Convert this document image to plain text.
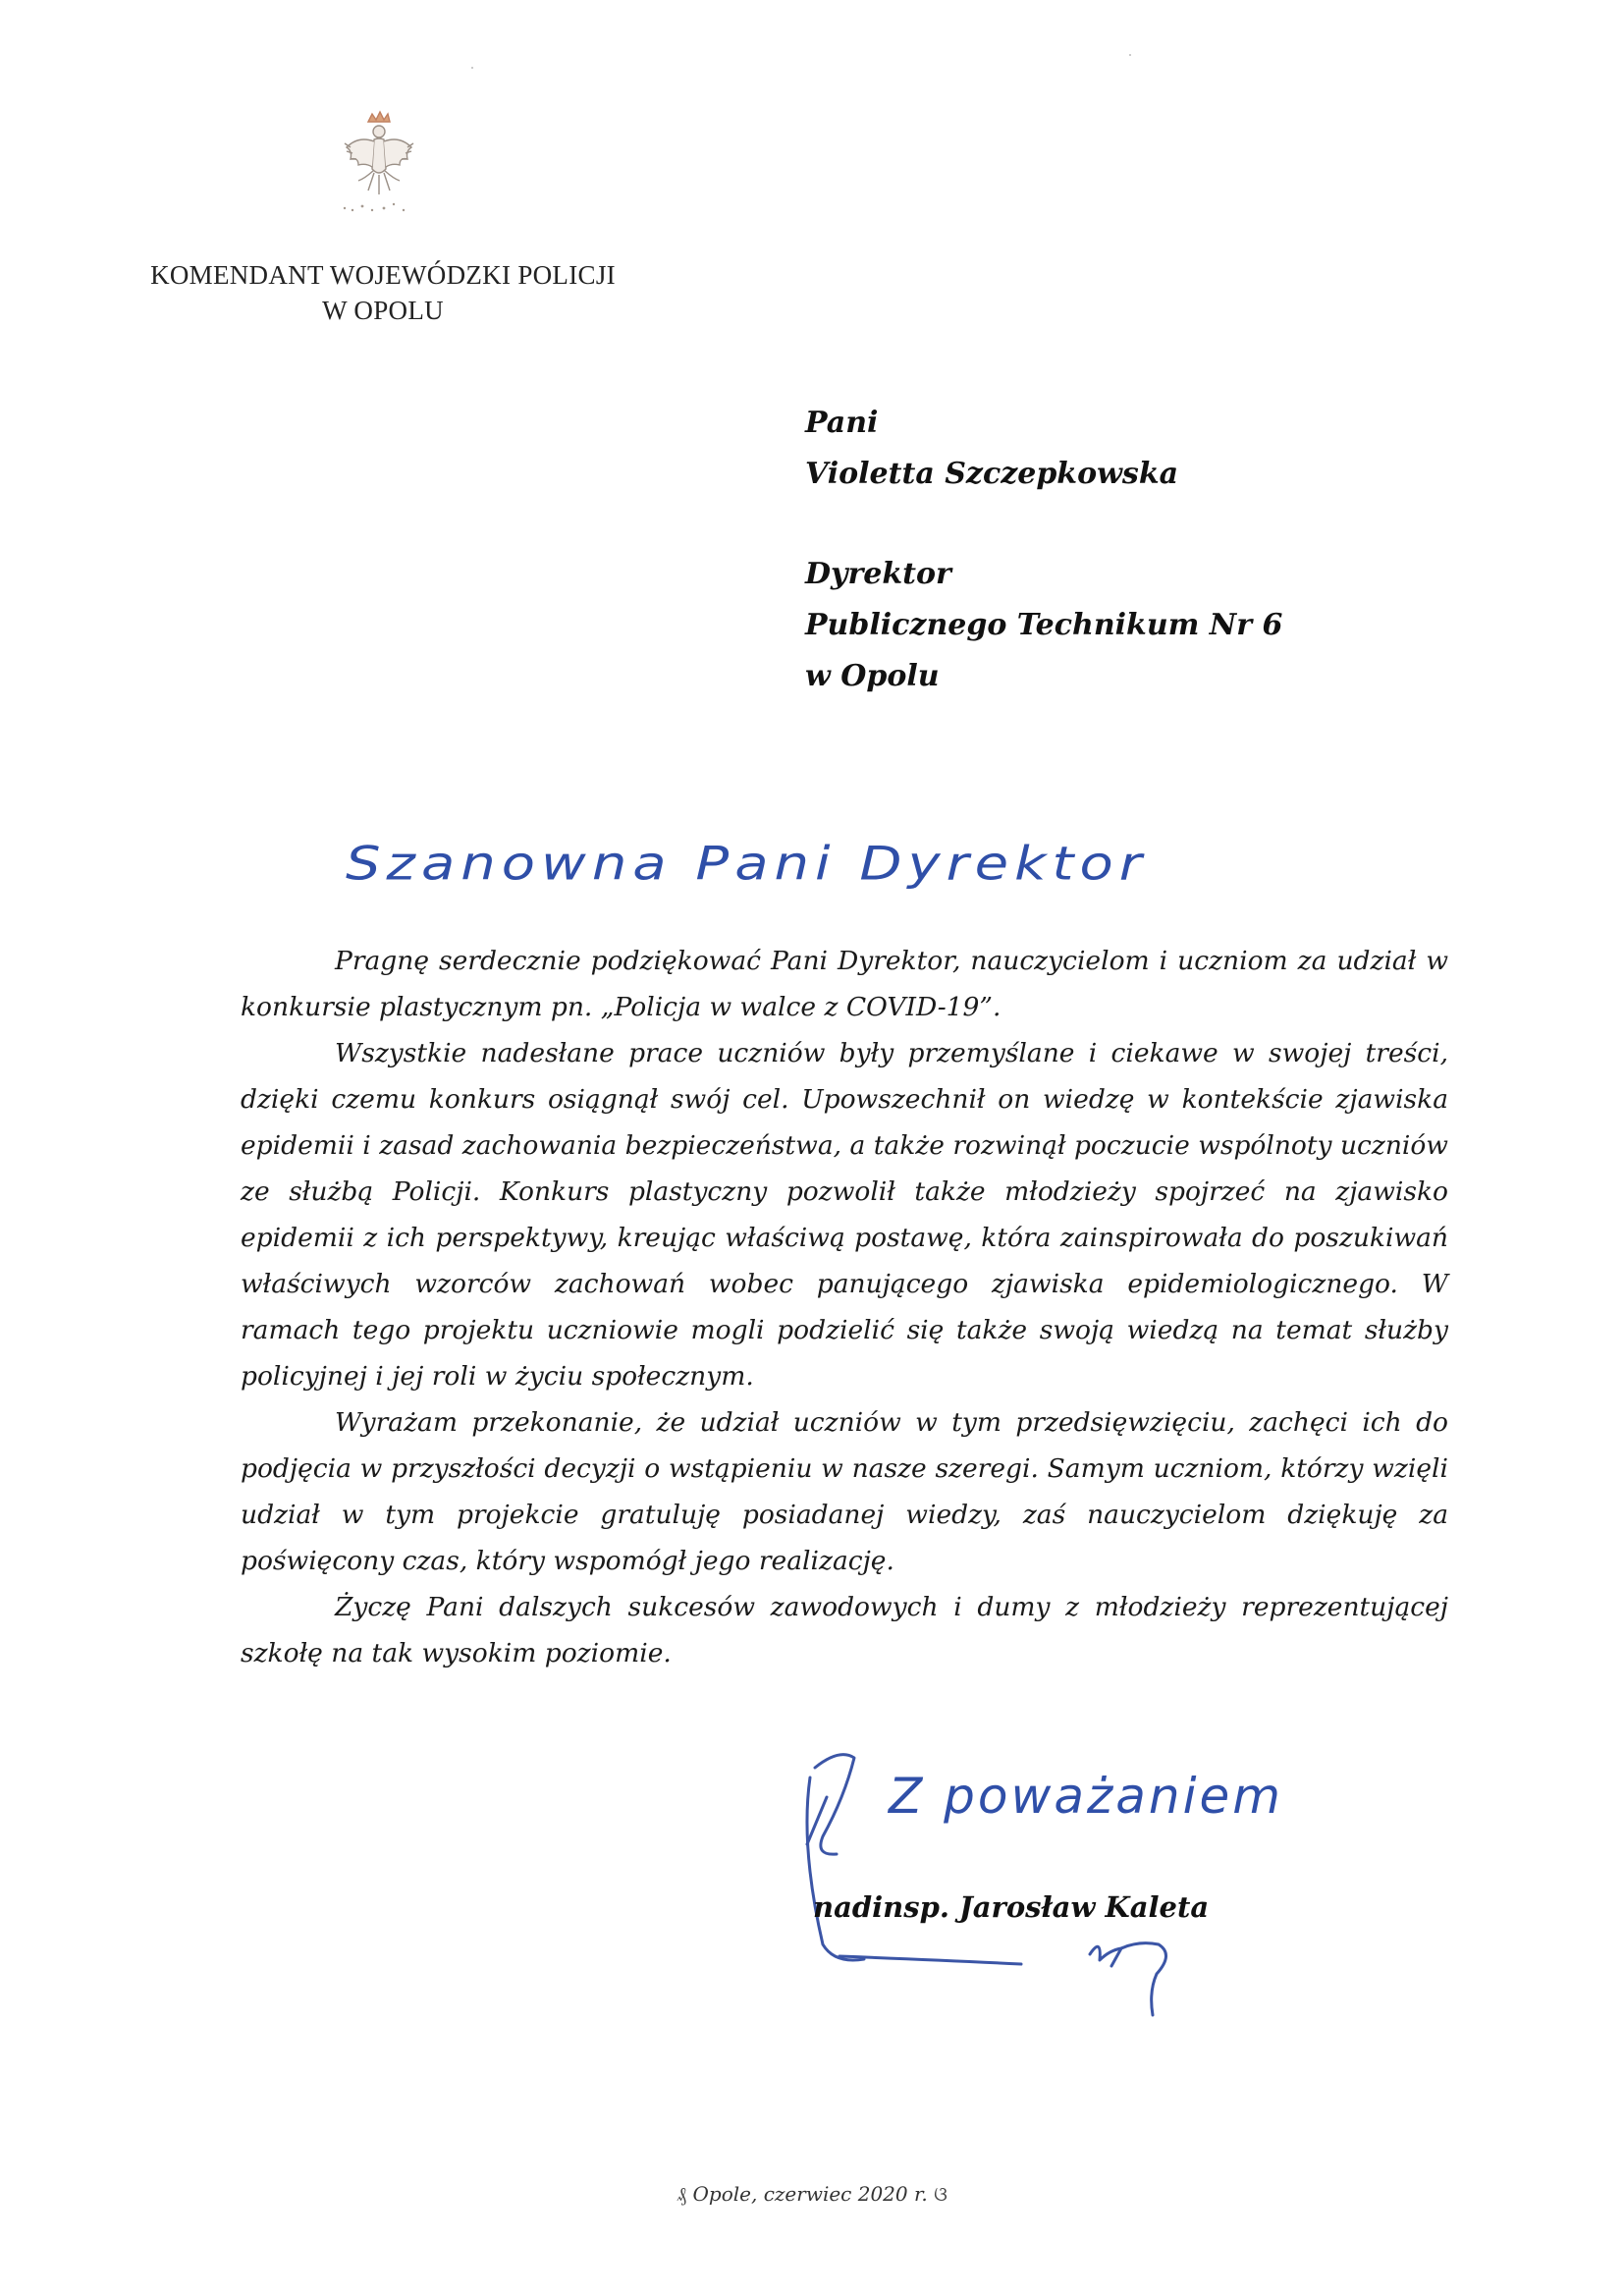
KOMENDANT WOJEWÓDZKI POLICJI
W OPOLU
Pani
Violetta Szczepkowska
Dyrektor
Publicznego Technikum Nr 6
w Opolu
Szanowna Pani Dyrektor

Pragnę serdecznie podziękować Pani Dyrektor, nauczycielom i uczniom za udział w konkursie plastycznym pn. „Policja w walce z COVID-19”.

Wszystkie nadesłane prace uczniów były przemyślane i ciekawe w swojej treści, dzięki czemu konkurs osiągnął swój cel. Upowszechnił on wiedzę w kontekście zjawiska epidemii i zasad zachowania bezpieczeństwa, a także rozwinął poczucie wspólnoty uczniów ze służbą Policji. Konkurs plastyczny pozwolił także młodzieży spojrzeć na zjawisko epidemii z ich perspektywy, kreując właściwą postawę, która zainspirowała do poszukiwań właściwych wzorców zachowań wobec panującego zjawiska epidemiologicznego. W ramach tego projektu uczniowie mogli podzielić się także swoją wiedzą na temat służby policyjnej i jej roli w życiu społecznym.

Wyrażam przekonanie, że udział uczniów w tym przedsięwzięciu, zachęci ich do podjęcia w przyszłości decyzji o wstąpieniu w nasze szeregi. Samym uczniom, którzy wzięli udział w tym projekcie gratuluję posiadanej wiedzy, zaś nauczycielom dziękuję za poświęcony czas, który wspomógł jego realizację.

Życzę Pani dalszych sukcesów zawodowych i dumy z młodzieży reprezentującej szkołę na tak wysokim poziomie.

Z poważaniem
nadinsp. Jarosław Kaleta
₰ Opole, czerwiec 2020 r. ଓ
